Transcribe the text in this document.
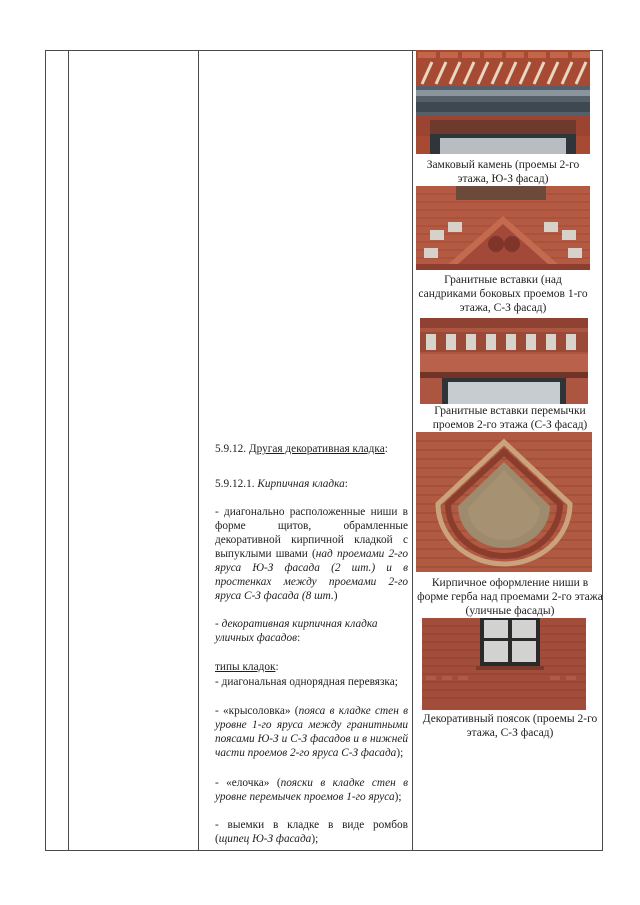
Замковый камень (проемы 2-го этажа, Ю-З фасад)
Гранитные вставки (над сандриками боковых проемов 1-го этажа, С-З фасад)
Гранитные вставки перемычки проемов 2-го этажа (С-З фасад)
Кирпичное оформление ниши в форме герба над проемами 2-го этажа (уличные фасады)
Декоративный поясок (проемы 2-го этажа, С-З фасад)
5.9.12. Другая декоративная кладка:
5.9.12.1. Кирпичная кладка:
- диагонально расположенные ниши в форме щитов, обрамленные декоративной кирпичной кладкой с выпуклыми швами (над проемами 2-го яруса Ю-З фасада (2 шт.) и в простенках между проемами 2-го яруса С-З фасада (8 шт.)
- декоративная кирпичная кладка уличных фасадов:
типы кладок:
- диагональная однорядная перевязка;
- «крысоловка» (пояса в кладке стен в уровне 1-го яруса между гранитными поясами Ю-З и С-З фасадов и в нижней части проемов 2-го яруса С-З фасада);
- «елочка» (пояски в кладке стен в уровне перемычек проемов 1-го яруса);
- выемки в кладке в виде ромбов (щипец Ю-З фасада);
